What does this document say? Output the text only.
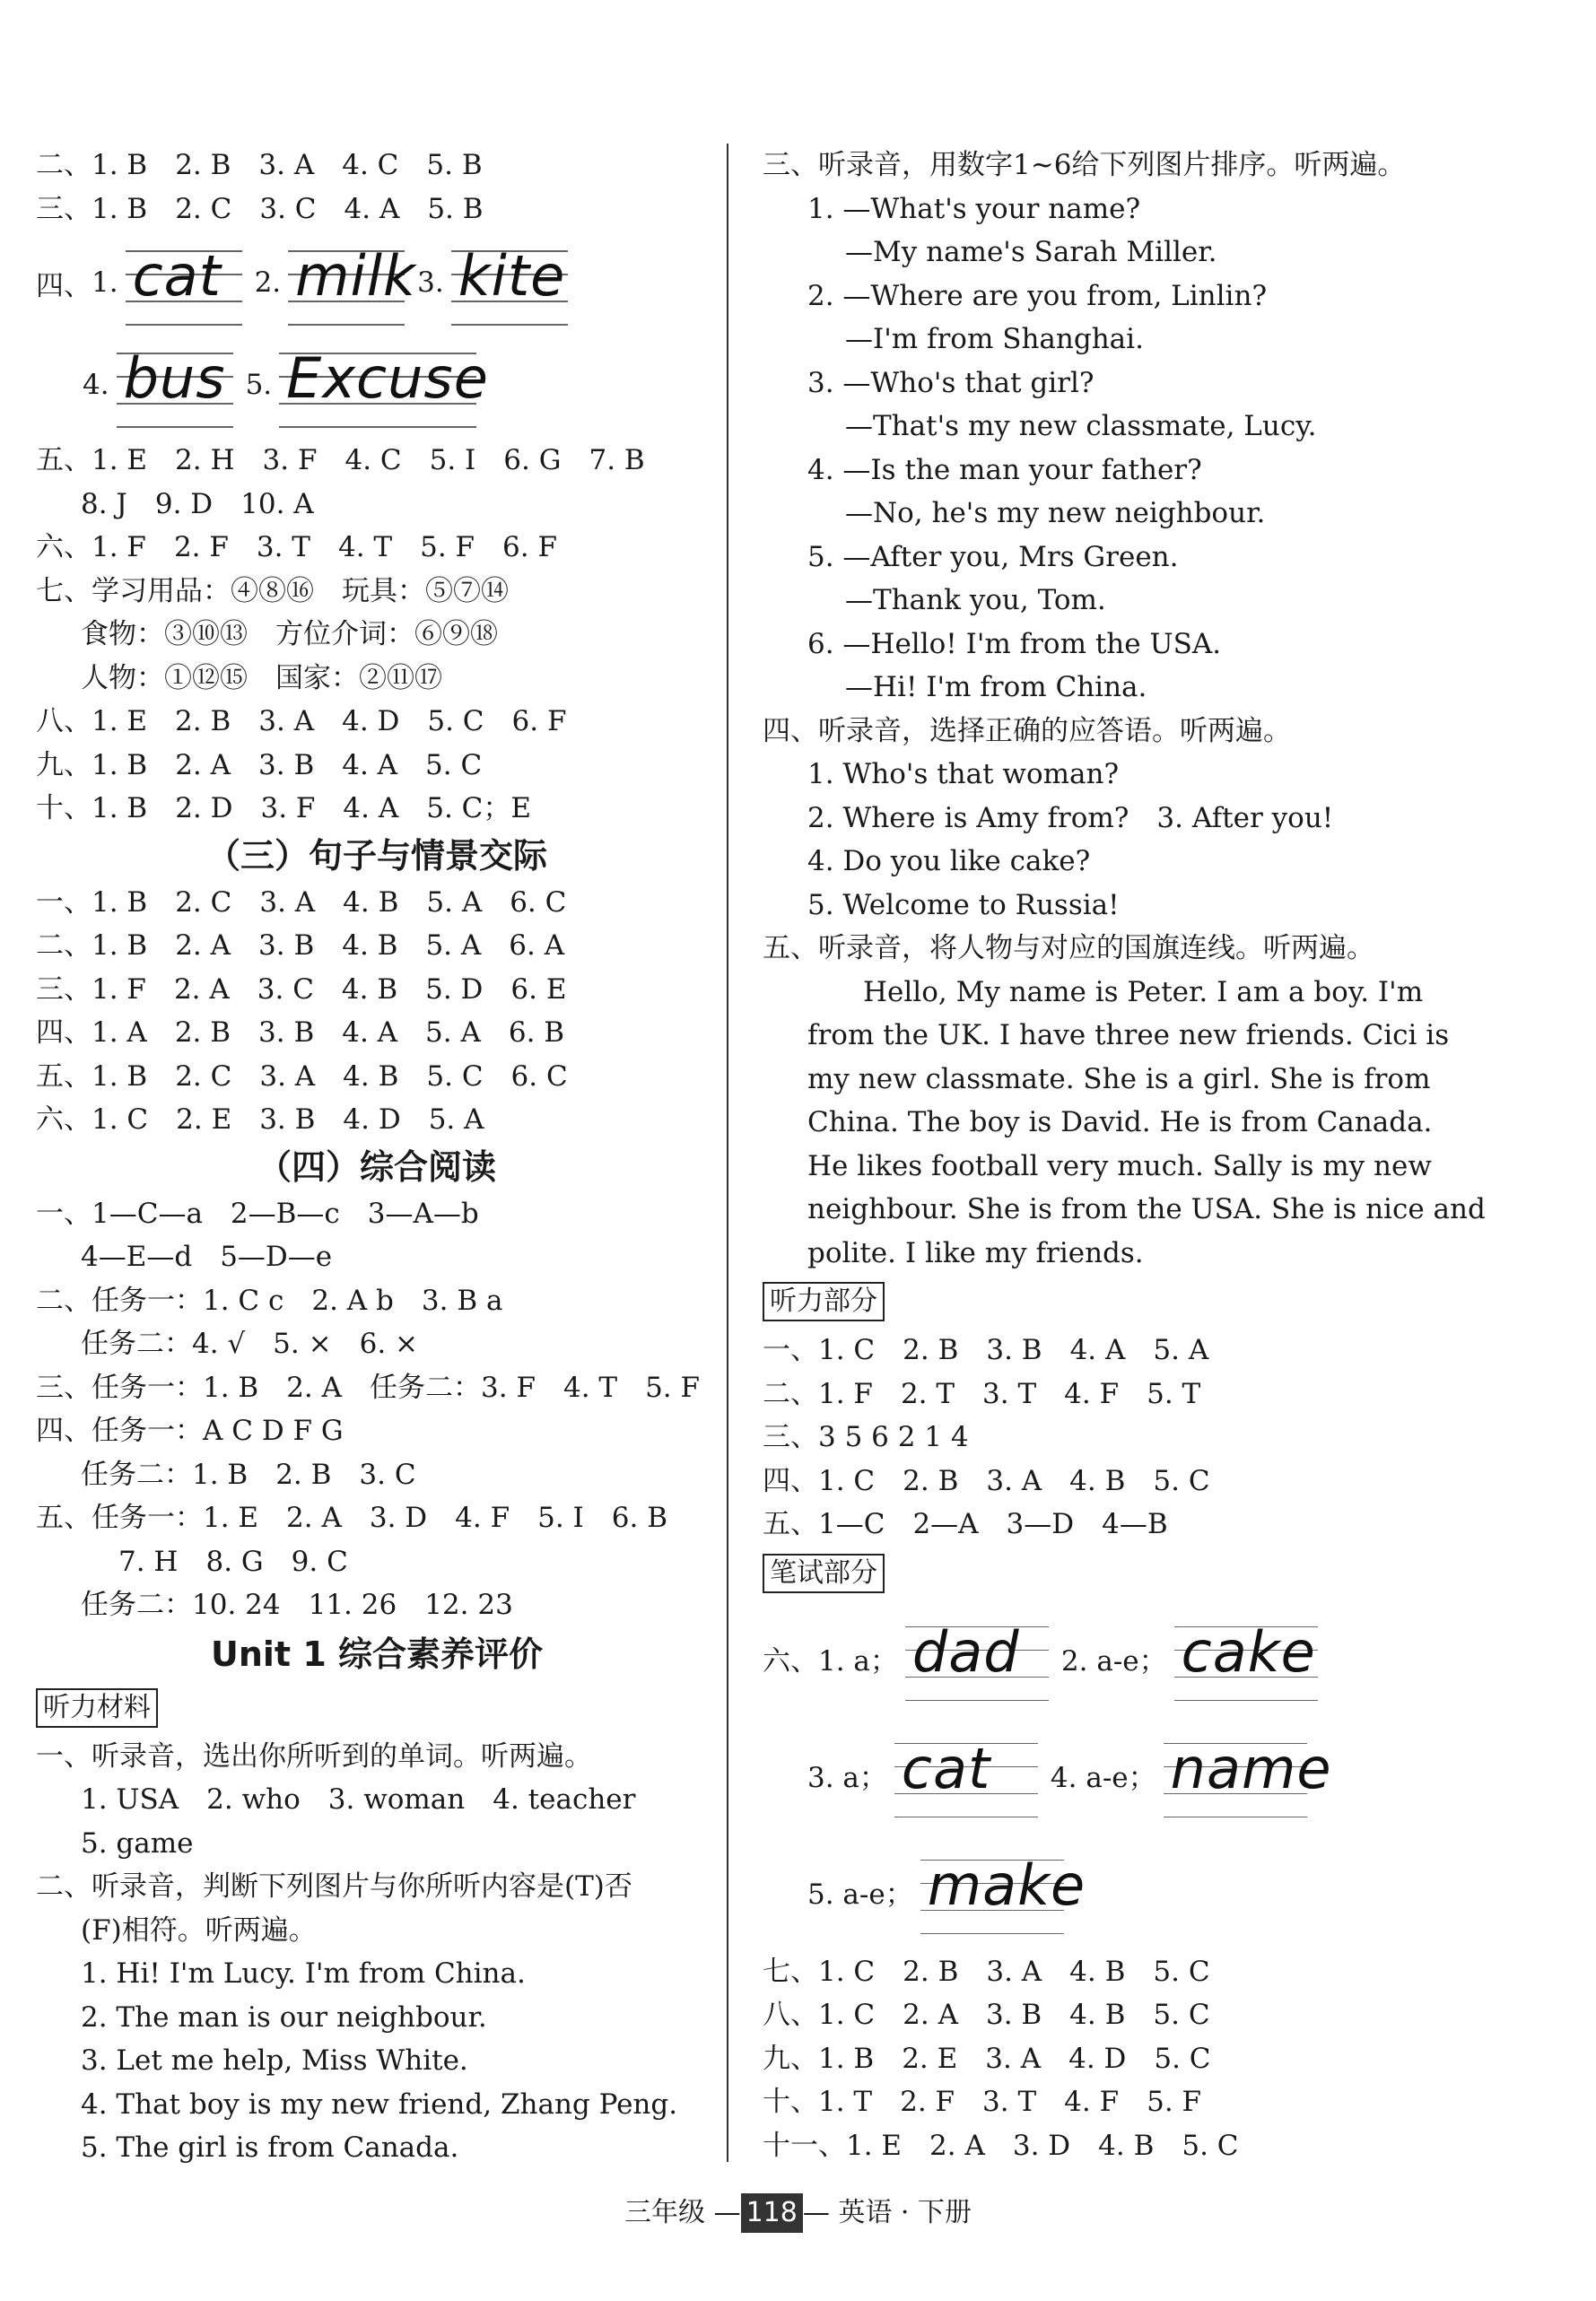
二、1. B　2. B　3. A　4. C　5. B
三、1. B　2. C　3. C　4. A　5. B
四、 1. cat 2. milk 3. kite
4. bus 5. Excuse
五、1. E　2. H　3. F　4. C　5. I　6. G　7. B
8. J　9. D　10. A
六、1. F　2. F　3. T　4. T　5. F　6. F
七、学习用品：④⑧⑯　玩具：⑤⑦⑭
食物：③⑩⑬　方位介词：⑥⑨⑱
人物：①⑫⑮　国家：②⑪⑰
八、1. E　2. B　3. A　4. D　5. C　6. F
九、1. B　2. A　3. B　4. A　5. C
十、1. B　2. D　3. F　4. A　5. C；E
（三）句子与情景交际
一、1. B　2. C　3. A　4. B　5. A　6. C
二、1. B　2. A　3. B　4. B　5. A　6. A
三、1. F　2. A　3. C　4. B　5. D　6. E
四、1. A　2. B　3. B　4. A　5. A　6. B
五、1. B　2. C　3. A　4. B　5. C　6. C
六、1. C　2. E　3. B　4. D　5. A
（四）综合阅读
一、1—C—a　2—B—c　3—A—b
4—E—d　5—D—e
二、任务一：1. C c　2. A b　3. B a
任务二：4. √　5. ×　6. ×
三、任务一：1. B　2. A　任务二：3. F　4. T　5. F
四、任务一：A C D F G
任务二：1. B　2. B　3. C
五、任务一：1. E　2. A　3. D　4. F　5. I　6. B
7. H　8. G　9. C
任务二：10. 24　11. 26　12. 23
Unit 1 综合素养评价
听力材料
一、听录音，选出你所听到的单词。听两遍。
1. USA　2. who　3. woman　4. teacher
5. game
二、听录音，判断下列图片与你所听内容是(T)否
(F)相符。听两遍。
1. Hi! I'm Lucy. I'm from China.
2. The man is our neighbour.
3. Let me help, Miss White.
4. That boy is my new friend, Zhang Peng.
5. The girl is from Canada.
三、听录音，用数字1~6给下列图片排序。听两遍。
1. —What's your name?
—My name's Sarah Miller.
2. —Where are you from, Linlin?
—I'm from Shanghai.
3. —Who's that girl?
—That's my new classmate, Lucy.
4. —Is the man your father?
—No, he's my new neighbour.
5. —After you, Mrs Green.
—Thank you, Tom.
6. —Hello! I'm from the USA.
—Hi! I'm from China.
四、听录音，选择正确的应答语。听两遍。
1. Who's that woman?
2. Where is Amy from?　3. After you!
4. Do you like cake?
5. Welcome to Russia!
五、听录音，将人物与对应的国旗连线。听两遍。
　　Hello, My name is Peter. I am a boy. I'm
from the UK. I have three new friends. Cici is
my new classmate. She is a girl. She is from
China. The boy is David. He is from Canada.
He likes football very much. Sally is my new
neighbour. She is from the USA. She is nice and
polite. I like my friends.
听力部分
一、1. C　2. B　3. B　4. A　5. A
二、1. F　2. T　3. T　4. F　5. T
三、3 5 6 2 1 4
四、1. C　2. B　3. A　4. B　5. C
五、1—C　2—A　3—D　4—B
笔试部分
六、 1. a； dad 2. a-e； cake
3. a； cat 4. a-e； name
5. a-e； make
七、1. C　2. B　3. A　4. B　5. C
八、1. C　2. A　3. B　4. B　5. C
九、1. B　2. E　3. A　4. D　5. C
十、1. T　2. F　3. T　4. F　5. F
十一、1. E　2. A　3. D　4. B　5. C
三年级 — 118 — 英语 · 下册
